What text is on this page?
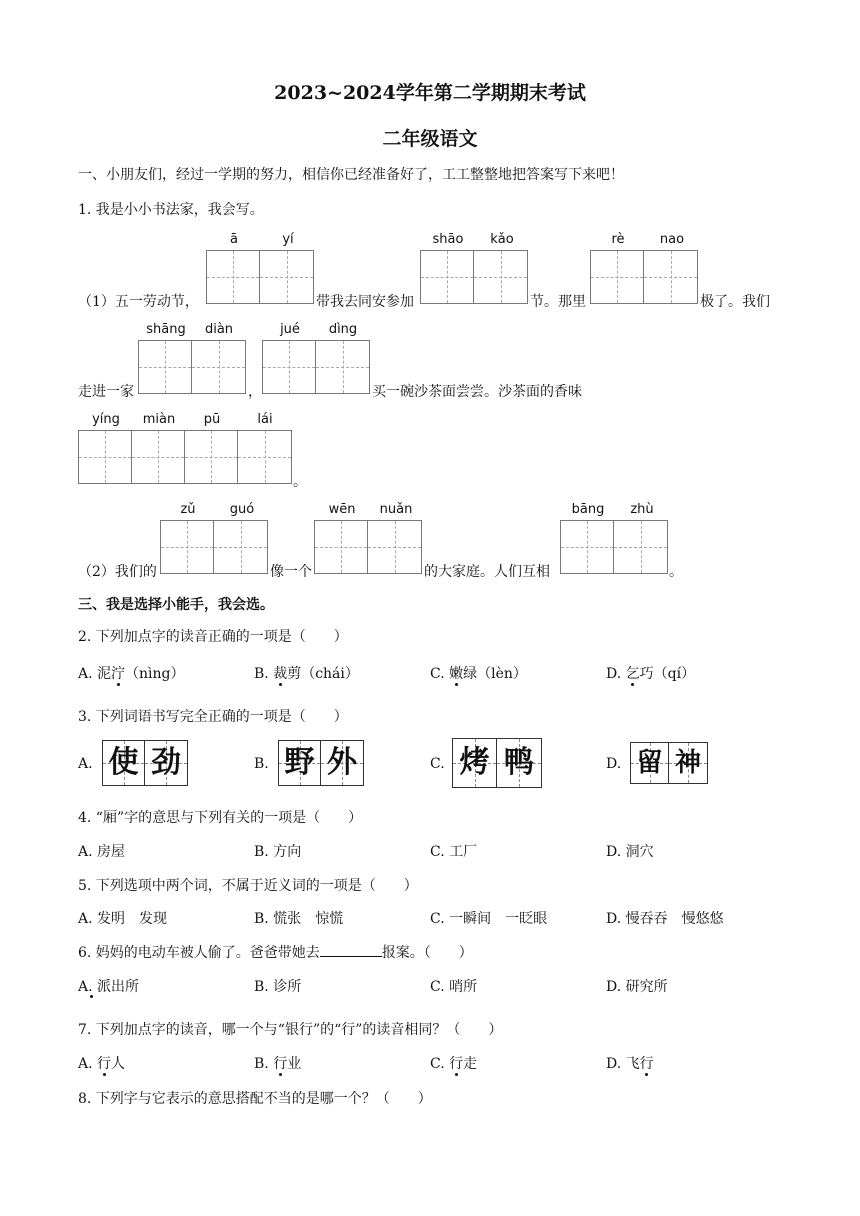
2023~2024学年第二学期期末考试
二年级语文
一、小朋友们，经过一学期的努力，相信你已经准备好了，工工整整地把答案写下来吧！
1. 我是小小书法家，我会写。
ā	yí	shāo	kǎo	rè	nao
（1）五一劳动节，	带我去同安参加	节。那里	极了。我们
shāng	diàn	jué	dìng
走进一家	，	买一碗沙茶面尝尝。沙茶面的香味
yíng	miàn	pū	lái
。
zǔ	guó	wēn	nuǎn	bāng	zhù
（2）我们的	像一个	的大家庭。人们互相	。
三、我是选择小能手，我会选。
2. 下列加点字的读音正确的一项是（　　）
A. 泥泞（nìng）	B. 裁剪（chái）	C. 嫩绿（lèn）	D. 乞巧（qí）
3. 下列词语书写完全正确的一项是（　　）
A. 使 劲	B. 野 外	C. 烤 鸭	D. 留 神
4. “厢”字的意思与下列有关的一项是（　　）
A. 房屋	B. 方向	C. 工厂	D. 洞穴
5. 下列选项中两个词，不属于近义词的一项是（　　）
A. 发明　发现	B. 慌张　惊慌	C. 一瞬间　一眨眼	D. 慢吞吞　慢悠悠
6. 妈妈的电动车被人偷了。爸爸带她去	报案。（　　）
A. 派出所	B. 诊所	C. 哨所	D. 研究所
7. 下列加点字的读音，哪一个与“银行”的“行”的读音相同？（　　）
A. 行人	B. 行业	C. 行走	D. 飞行
8. 下列字与它表示的意思搭配不当的是哪一个？（　　）
